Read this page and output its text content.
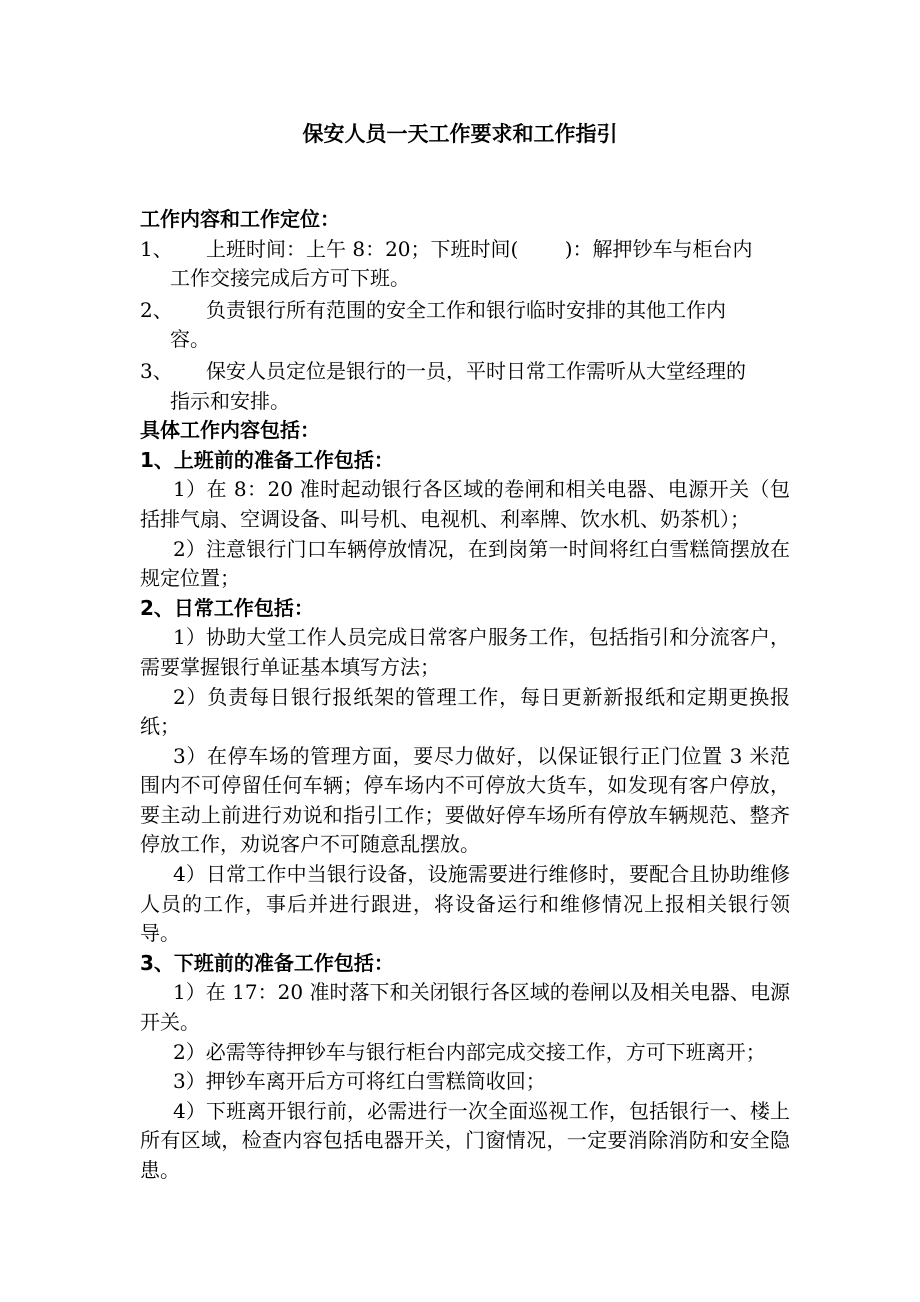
保安人员一天工作要求和工作指引

工作内容和工作定位：

1、	上班时间：上午 8：20；下班时间(　　 )：解押钞车与柜台内
工作交接完成后方可下班。
2、	负责银行所有范围的安全工作和银行临时安排的其他工作内
容。
3、	保安人员定位是银行的一员，平时日常工作需听从大堂经理的
指示和安排。

具体工作内容包括：

1、上班前的准备工作包括：

1）在 8：20 准时起动银行各区域的卷闸和相关电器、电源开关（包括排气扇、空调设备、叫号机、电视机、利率牌、饮水机、奶茶机）；

2）注意银行门口车辆停放情况，在到岗第一时间将红白雪糕筒摆放在规定位置；

2、日常工作包括：

1）协助大堂工作人员完成日常客户服务工作，包括指引和分流客户，需要掌握银行单证基本填写方法；

2）负责每日银行报纸架的管理工作，每日更新新报纸和定期更换报纸；

3）在停车场的管理方面，要尽力做好，以保证银行正门位置 3 米范围内不可停留任何车辆；停车场内不可停放大货车，如发现有客户停放，要主动上前进行劝说和指引工作；要做好停车场所有停放车辆规范、整齐停放工作，劝说客户不可随意乱摆放。

4）日常工作中当银行设备，设施需要进行维修时，要配合且协助维修人员的工作，事后并进行跟进，将设备运行和维修情况上报相关银行领导。

3、下班前的准备工作包括：

1）在 17：20 准时落下和关闭银行各区域的卷闸以及相关电器、电源开关。

2）必需等待押钞车与银行柜台内部完成交接工作，方可下班离开；

3）押钞车离开后方可将红白雪糕筒收回；

4）下班离开银行前，必需进行一次全面巡视工作，包括银行一、楼上所有区域，检查内容包括电器开关，门窗情况，一定要消除消防和安全隐患。
